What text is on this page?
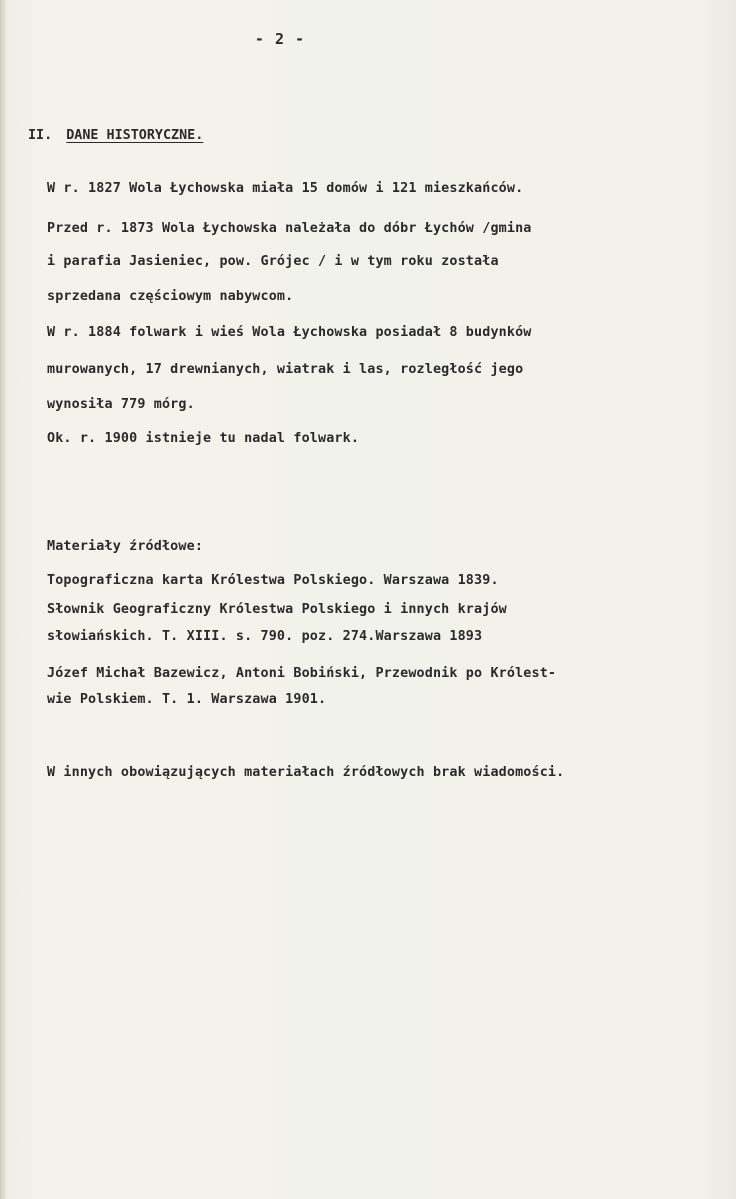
- 2 -
II. DANE HISTORYCZNE.
W r. 1827 Wola Łychowska miała 15 domów i 121 mieszkańców.
Przed r. 1873 Wola Łychowska należała do dóbr Łychów /gmina
i parafia Jasieniec, pow. Grójec / i w tym roku została
sprzedana częściowym nabywcom.
W r. 1884 folwark i wieś Wola Łychowska posiadał 8 budynków
murowanych, 17 drewnianych, wiatrak i las, rozległość jego
wynosiła 779 mórg.
Ok. r. 1900 istnieje tu nadal folwark.
Materiały źródłowe:
Topograficzna karta Królestwa Polskiego. Warszawa 1839.
Słownik Geograficzny Królestwa Polskiego i innych krajów
słowiańskich. T. XIII. s. 790. poz. 274.Warszawa 1893
Józef Michał Bazewicz, Antoni Bobiński, Przewodnik po Królest-
wie Polskiem. T. 1. Warszawa 1901.
W innych obowiązujących materiałach źródłowych brak wiadomości.
